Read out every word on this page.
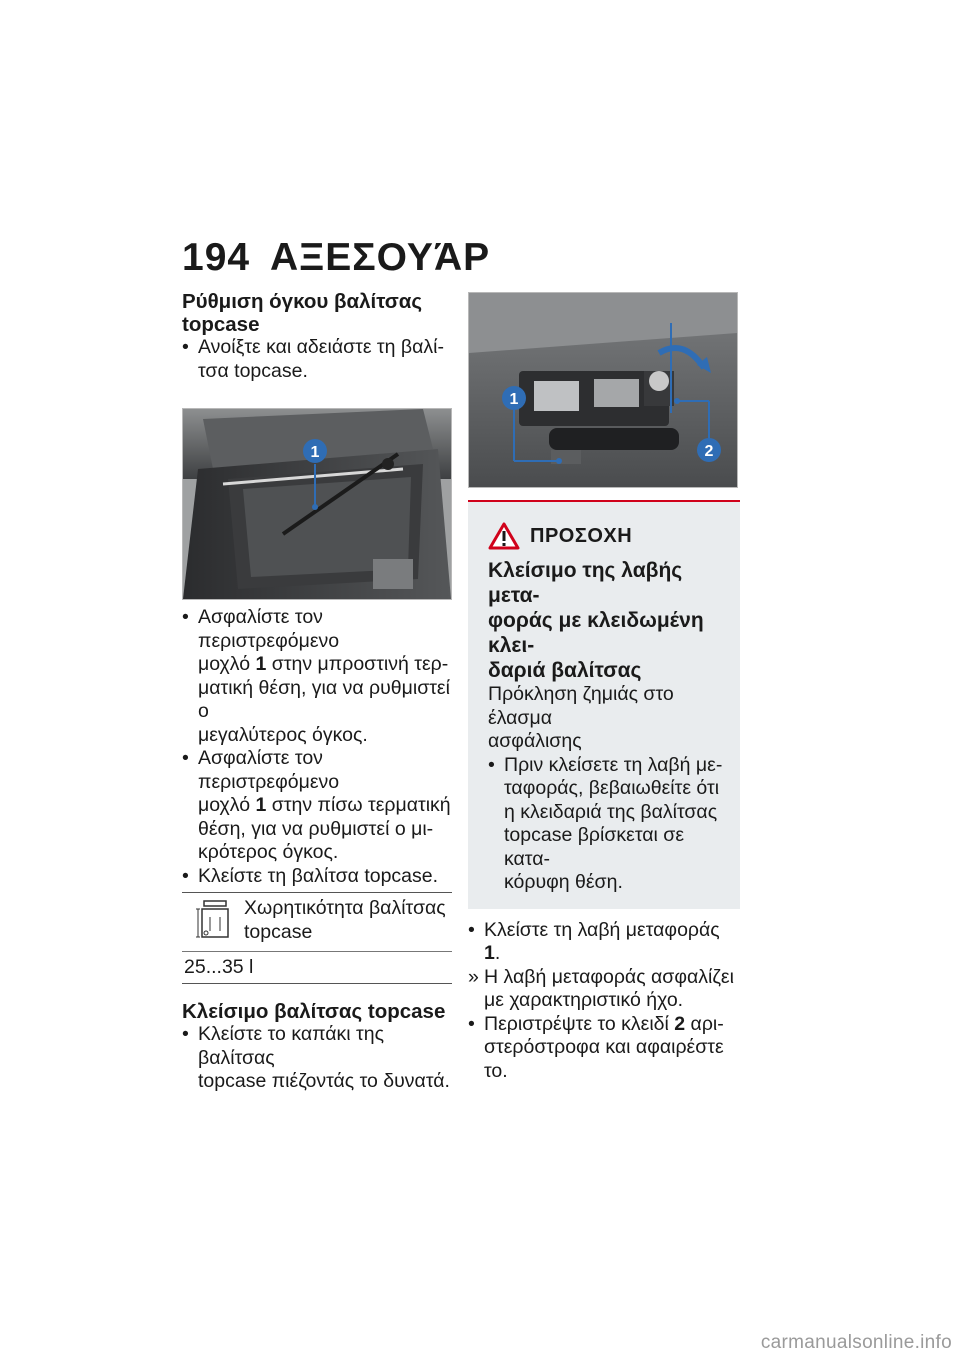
194 ΑΞΕΣΟΥΆΡ
Ρύθμιση όγκου βαλίτσας
topcase

• Ανοίξτε και αδειάστε τη βαλί-
τσα topcase.

1

• Ασφαλίστε τον περιστρεφόμενο
μοχλό 1 στην μπροστινή τερ-
ματική θέση, για να ρυθμιστεί ο
μεγαλύτερος όγκος.

• Ασφαλίστε τον περιστρεφόμενο
μοχλό 1 στην πίσω τερματική
θέση, για να ρυθμιστεί ο μι-
κρότερος όγκος.

• Κλείστε τη βαλίτσα topcase.

Χωρητικότητα βαλίτσας
topcase
25...35 l
Κλείσιμο βαλίτσας topcase

• Κλείστε το καπάκι της βαλίτσας
topcase πιέζοντάς το δυνατά.

1
2
ΠΡΟΣΟΧΗ

Κλείσιμο της λαβής μετα-
φοράς με κλειδωμένη κλει-
δαριά βαλίτσας

Πρόκληση ζημιάς στο έλασμα
ασφάλισης

• Πριν κλείσετε τη λαβή με-
ταφοράς, βεβαιωθείτε ότι
η κλειδαριά της βαλίτσας
topcase βρίσκεται σε κατα-
κόρυφη θέση.

• Κλείστε τη λαβή μεταφοράς 1.

» Η λαβή μεταφοράς ασφαλίζει
με χαρακτηριστικό ήχο.

• Περιστρέψτε το κλειδί 2 αρι-
στερόστροφα και αφαιρέστε το.

carmanualsonline.info
